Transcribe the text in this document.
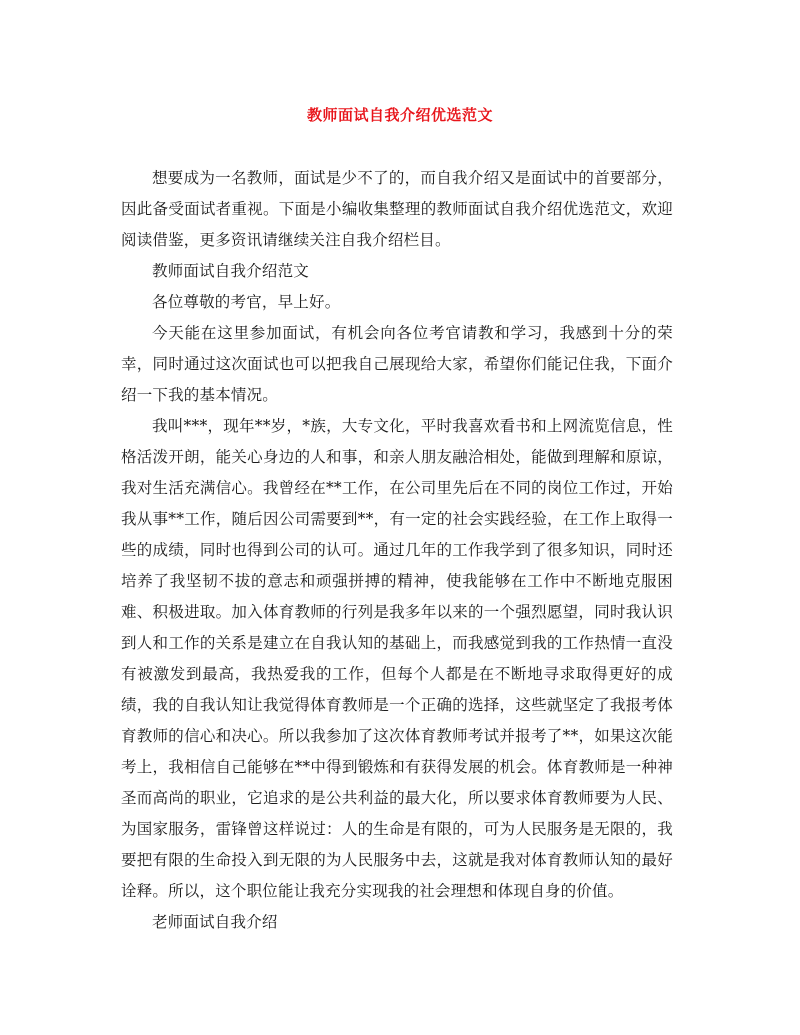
教师面试自我介绍优选范文

想要成为一名教师，面试是少不了的，而自我介绍又是面试中的首要部分，因此备受面试者重视。下面是小编收集整理的教师面试自我介绍优选范文，欢迎阅读借鉴，更多资讯请继续关注自我介绍栏目。

教师面试自我介绍范文

各位尊敬的考官，早上好。

今天能在这里参加面试，有机会向各位考官请教和学习，我感到十分的荣幸，同时通过这次面试也可以把我自己展现给大家，希望你们能记住我，下面介绍一下我的基本情况。

我叫***，现年**岁，*族，大专文化，平时我喜欢看书和上网流览信息，性格活泼开朗，能关心身边的人和事，和亲人朋友融洽相处，能做到理解和原谅，我对生活充满信心。我曾经在**工作，在公司里先后在不同的岗位工作过，开始我从事**工作，随后因公司需要到**，有一定的社会实践经验，在工作上取得一些的成绩，同时也得到公司的认可。通过几年的工作我学到了很多知识，同时还培养了我坚韧不拔的意志和顽强拼搏的精神，使我能够在工作中不断地克服困难、积极进取。加入体育教师的行列是我多年以来的一个强烈愿望，同时我认识到人和工作的关系是建立在自我认知的基础上，而我感觉到我的工作热情一直没有被激发到最高，我热爱我的工作，但每个人都是在不断地寻求取得更好的成绩，我的自我认知让我觉得体育教师是一个正确的选择，这些就坚定了我报考体育教师的信心和决心。所以我参加了这次体育教师考试并报考了**，如果这次能考上，我相信自己能够在**中得到锻炼和有获得发展的机会。体育教师是一种神圣而高尚的职业，它追求的是公共利益的最大化，所以要求体育教师要为人民、为国家服务，雷锋曾这样说过：人的生命是有限的，可为人民服务是无限的，我要把有限的生命投入到无限的为人民服务中去，这就是我对体育教师认知的最好诠释。所以，这个职位能让我充分实现我的社会理想和体现自身的价值。

老师面试自我介绍
